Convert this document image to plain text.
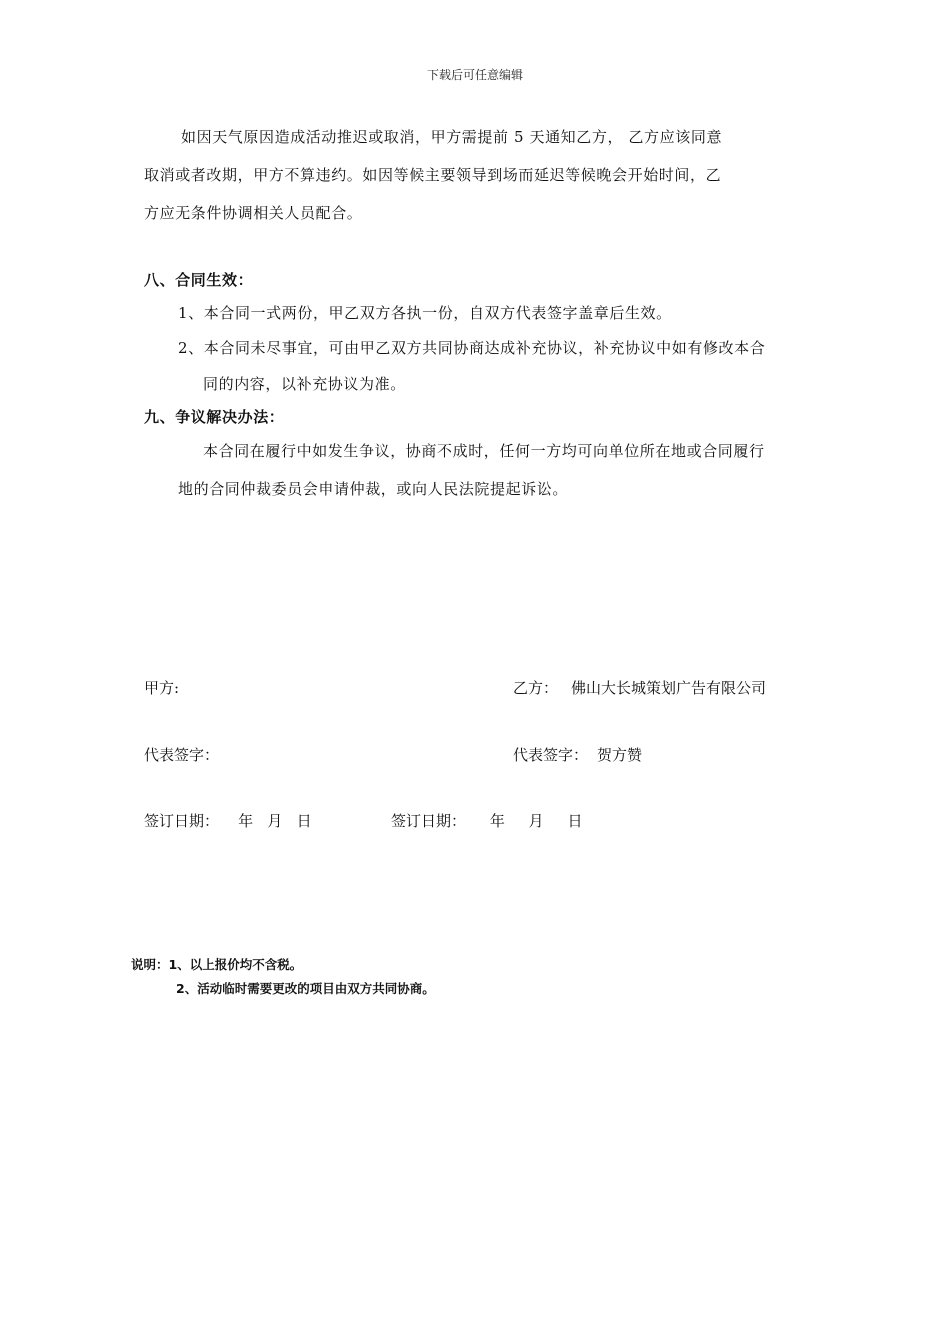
下载后可任意编辑
如因天气原因造成活动推迟或取消，甲方需提前 5 天通知乙方， 乙方应该同意
取消或者改期，甲方不算违约。如因等候主要领导到场而延迟等候晚会开始时间，乙
方应无条件协调相关人员配合。
八、合同生效：
1、本合同一式两份，甲乙双方各执一份，自双方代表签字盖章后生效。
2、本合同未尽事宜，可由甲乙双方共同协商达成补充协议，补充协议中如有修改本合
同的内容，以补充协议为准。
九、争议解决办法：
本合同在履行中如发生争议，协商不成时，任何一方均可向单位所在地或合同履行
地的合同仲裁委员会申请仲裁，或向人民法院提起诉讼。
甲方:	乙方： 佛山大长城策划广告有限公司
代表签字：	代表签字： 贺方赞
签订日期：    年   月   日	签订日期：     年     月     日
说明：1、以上报价均不含税。
2、活动临时需要更改的项目由双方共同协商。
